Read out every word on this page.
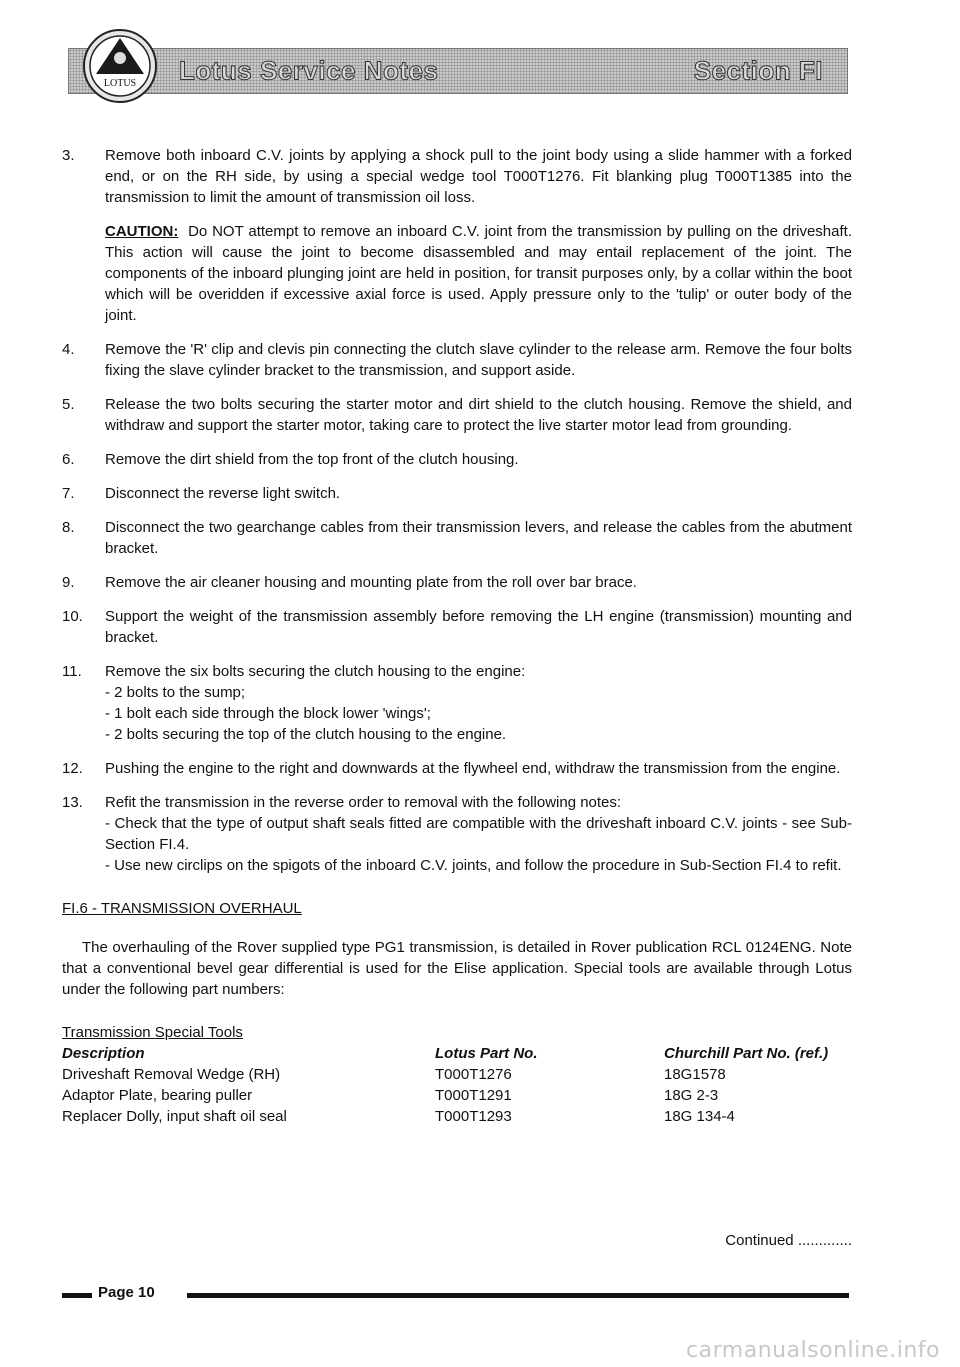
Lotus Service Notes	Section FI
LOTUS
3.	Remove both inboard C.V. joints by applying a shock pull to the joint body using a slide hammer with a forked end, or on the RH side, by using a special wedge tool T000T1276. Fit blanking plug T000T1385 into the transmission to limit the amount of transmission oil loss.
CAUTION: Do NOT attempt to remove an inboard C.V. joint from the transmission by pulling on the driveshaft. This action will cause the joint to become disassembled and may entail replacement of the joint. The components of the inboard plunging joint are held in position, for transit purposes only, by a collar within the boot which will be overidden if excessive axial force is used. Apply pressure only to the 'tulip' or outer body of the joint.
4.	Remove the 'R' clip and clevis pin connecting the clutch slave cylinder to the release arm. Remove the four bolts fixing the slave cylinder bracket to the transmission, and support aside.
5.	Release the two bolts securing the starter motor and dirt shield to the clutch housing. Remove the shield, and withdraw and support the starter motor, taking care to protect the live starter motor lead from grounding.
6.	Remove the dirt shield from the top front of the clutch housing.
7.	Disconnect the reverse light switch.
8.	Disconnect the two gearchange cables from their transmission levers, and release the cables from the abutment bracket.
9.	Remove the air cleaner housing and mounting plate from the roll over bar brace.
10.	Support the weight of the transmission assembly before removing the LH engine (transmission) mounting and bracket.
11.	Remove the six bolts securing the clutch housing to the engine:
- 2 bolts to the sump;
- 1 bolt each side through the block lower 'wings';
- 2 bolts securing the top of the clutch housing to the engine.
12.	Pushing the engine to the right and downwards at the flywheel end, withdraw the transmission from the engine.
13.	Refit the transmission in the reverse order to removal with the following notes:
- Check that the type of output shaft seals fitted are compatible with the driveshaft inboard C.V. joints - see Sub-Section FI.4.
- Use new circlips on the spigots of the inboard C.V. joints, and follow the procedure in Sub-Section FI.4 to refit.
FI.6 - TRANSMISSION OVERHAUL
The overhauling of the Rover supplied type PG1 transmission, is detailed in Rover publication RCL 0124ENG. Note that a conventional bevel gear differential is used for the Elise application. Special tools are available through Lotus under the following part numbers:
Transmission Special Tools
Description	Lotus Part No.	Churchill Part No. (ref.)
Driveshaft Removal Wedge (RH)	T000T1276	18G1578
Adaptor Plate, bearing puller	T000T1291	18G 2-3
Replacer Dolly, input shaft oil seal	T000T1293	18G 134-4
Continued .............
Page 10
carmanualsonline.info
